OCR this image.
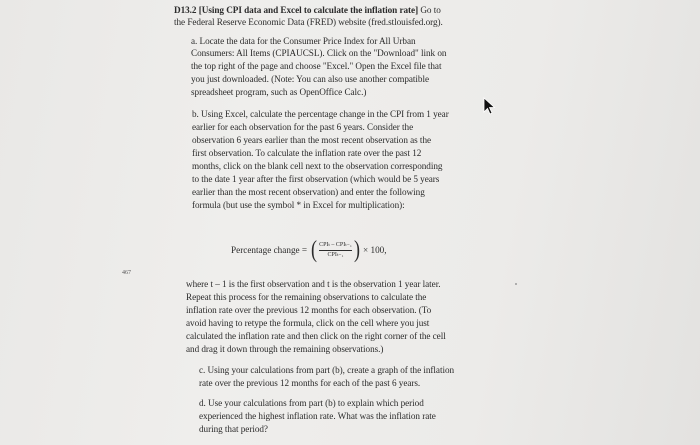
D13.2 [Using CPI data and Excel to calculate the inflation rate] Go to
the Federal Reserve Economic Data (FRED) website (fred.stlouisfed.org).
a. Locate the data for the Consumer Price Index for All Urban
Consumers: All Items (CPIAUCSL). Click on the "Download" link on
the top right of the page and choose "Excel." Open the Excel file that
you just downloaded. (Note: You can also use another compatible
spreadsheet program, such as OpenOffice Calc.)
b. Using Excel, calculate the percentage change in the CPI from 1 year
earlier for each observation for the past 6 years. Consider the
observation 6 years earlier than the most recent observation as the
first observation. To calculate the inflation rate over the past 12
months, click on the blank cell next to the observation corresponding
to the date 1 year after the first observation (which would be 5 years
earlier than the most recent observation) and enter the following
formula (but use the symbol * in Excel for multiplication):
Percentage change = ( $\frac{\text{CPIₜ – CPIₜ₋₁}}{\text{CPIₜ₋₁}}$ ) × 100,
467
where t – 1 is the first observation and t is the observation 1 year later.
Repeat this process for the remaining observations to calculate the
inflation rate over the previous 12 months for each observation. (To
avoid having to retype the formula, click on the cell where you just
calculated the inflation rate and then click on the right corner of the cell
and drag it down through the remaining observations.)
c. Using your calculations from part (b), create a graph of the inflation
rate over the previous 12 months for each of the past 6 years.
d. Use your calculations from part (b) to explain which period
experienced the highest inflation rate. What was the inflation rate
during that period?
